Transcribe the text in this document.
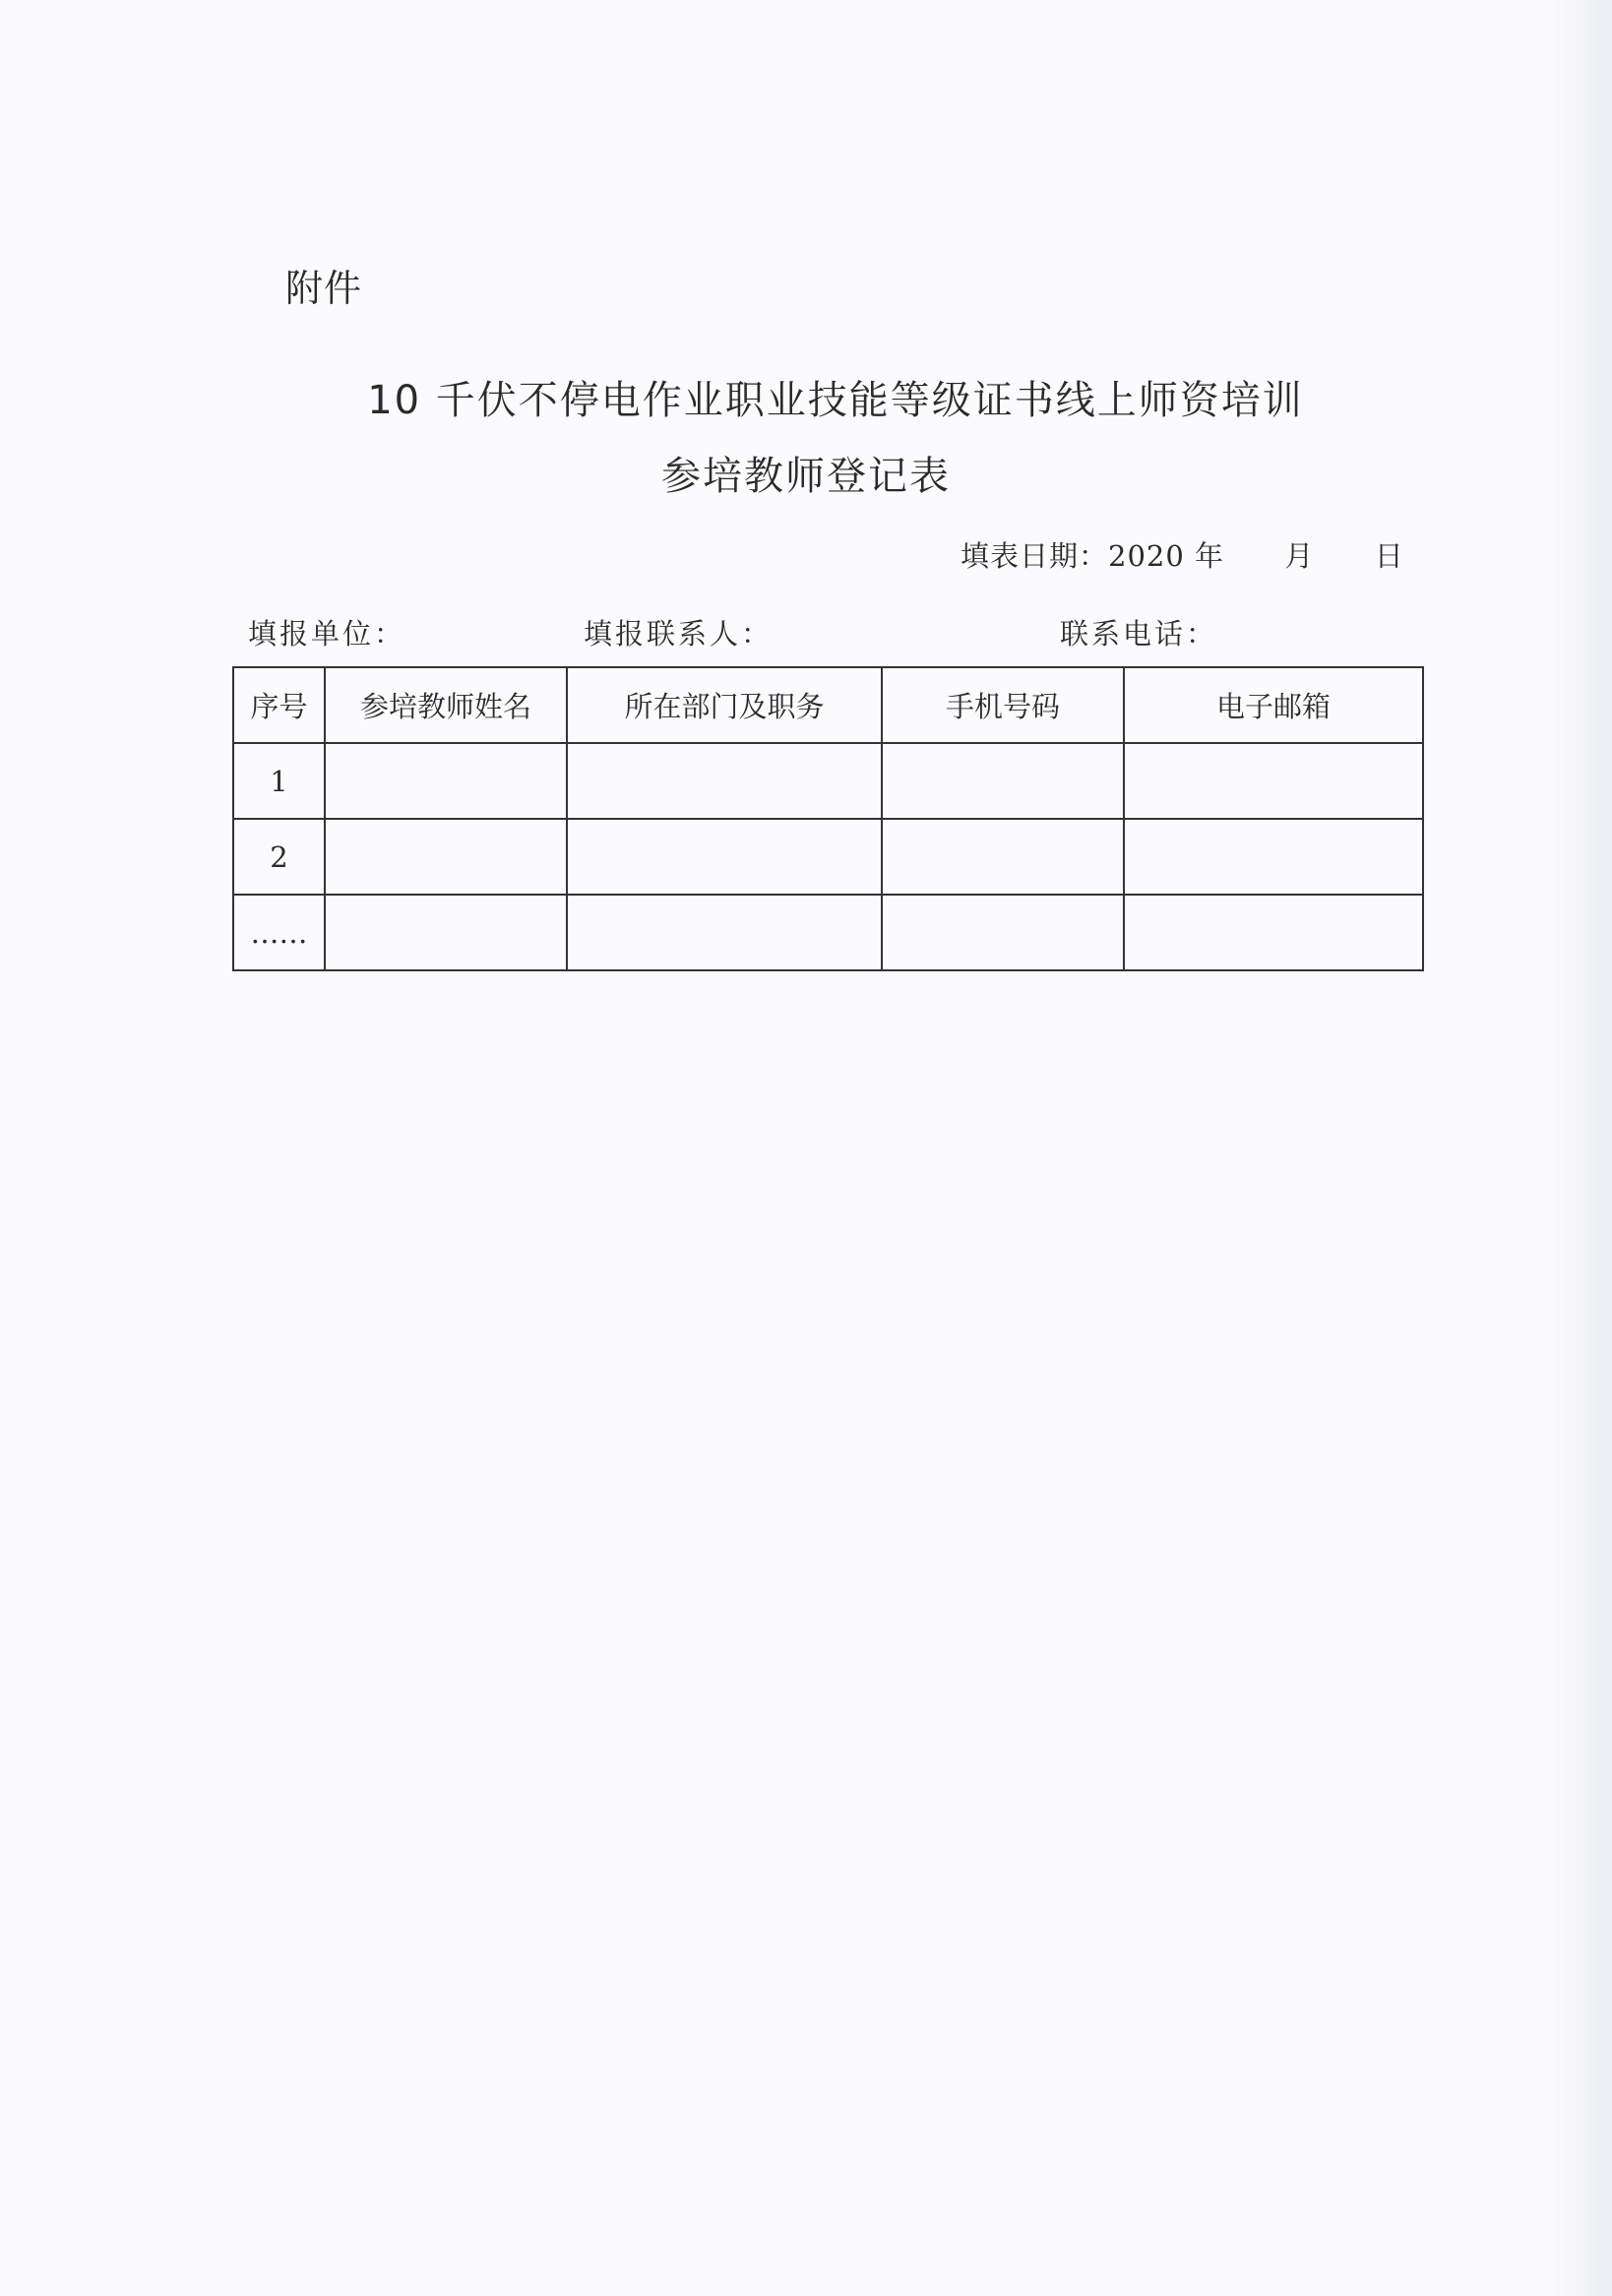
附件
10 千伏不停电作业职业技能等级证书线上师资培训
参培教师登记表
填表日期：2020 年 月 日
填报单位：	填报联系人：	联系电话：
序号	参培教师姓名	所在部门及职务	手机号码	电子邮箱
1				
2				
……				
